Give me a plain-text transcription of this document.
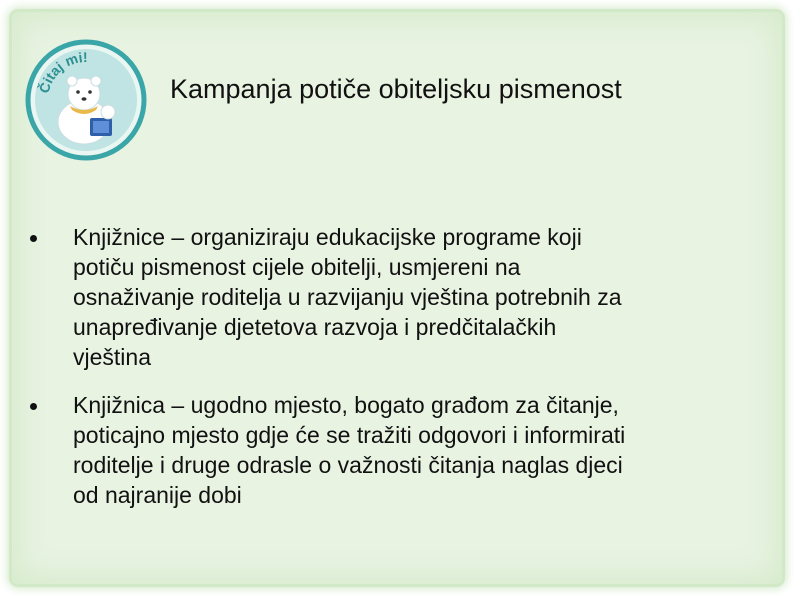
Čitaj mi!
Kampanja potiče obiteljsku pismenost
Knjižnice – organiziraju edukacijske programe koji
potiču pismenost cijele obitelji, usmjereni na
osnaživanje roditelja u razvijanju vještina potrebnih za
unapređivanje djetetova razvoja i predčitalačkih
vještina
Knjižnica – ugodno mjesto, bogato građom za čitanje,
poticajno mjesto gdje će se tražiti odgovori i informirati
roditelje i druge odrasle o važnosti čitanja naglas djeci
od najranije dobi
